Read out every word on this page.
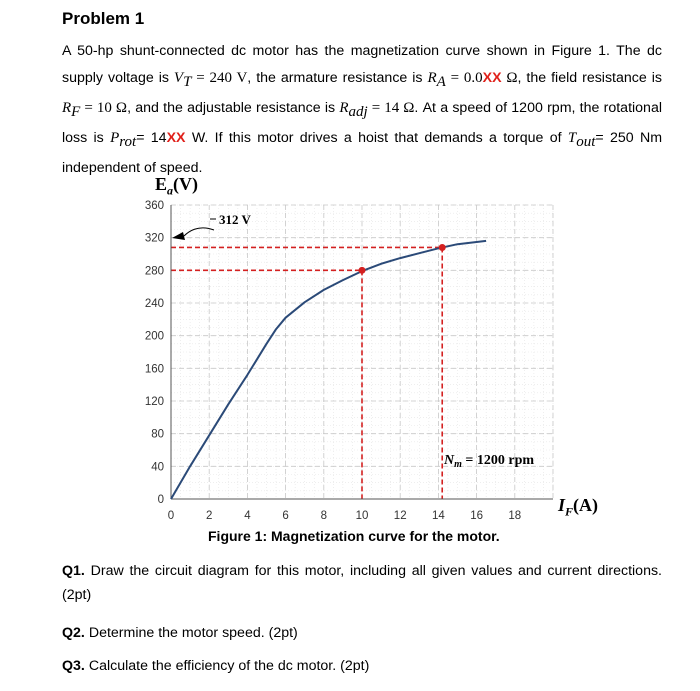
Problem 1
A 50-hp shunt-connected dc motor has the magnetization curve shown in Figure 1. The dc supply voltage is $V_T = 240$ V, the armature resistance is $R_A = 0.0XX$ Ω, the field resistance is $R_F = 10$ Ω, and the adjustable resistance is $R_{adj} = 14$ Ω. At a speed of 1200 rpm, the rotational loss is $P_{rot}= 14XX$ W. If this motor drives a hoist that demands a torque of $T_{out}= 250$ Nm independent of speed.
$E_a(V)$
0
40
80
120
160
200
240
280
320
360
0	2	4	6	8 10 12 14 16 18
312 V
$N_m = 1200$ rpm
$I_F(A)$
Figure 1: Magnetization curve for the motor.
Q1. Draw the circuit diagram for this motor, including all given values and current directions.(2pt)
Q2. Determine the motor speed. (2pt)
Q3. Calculate the efficiency of the dc motor. (2pt)
